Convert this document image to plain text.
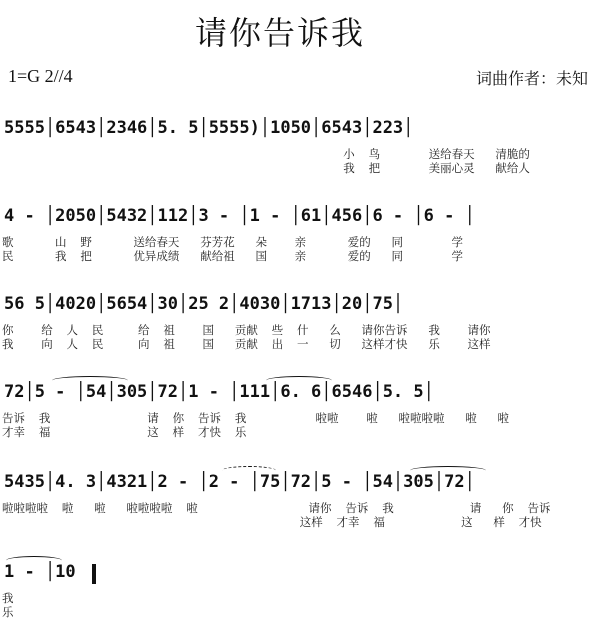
请你告诉我
1=G 2//4	词曲作者：未知
5555│6543│2346│5. 5│5555)│1050│6543│223│
小  鸟       送给春天   清脆的
我  把       美丽心灵   献给人
4 - │2050│5432│112│3 - │1 - │61│456│6 - │6 - │
歌      山  野      送给春天   芬芳花   朵    亲      爱的   同       学
民      我  把      优异成绩   献给祖   国    亲      爱的   同       学
56 5│4020│5654│30│25 2│4030│1713│20│75│
你    给  人  民     给  祖    国   贡献  些  什   么   请你告诉   我    请你
我    向  人  民     向  祖    国   贡献  出  一   切   这样才快   乐    这样
72│5 - │54│305│72│1 - │111│6. 6│6546│5. 5│
告诉  我              请  你  告诉  我          啦啦    啦   啦啦啦啦   啦   啦
才幸  福              这  样  才快  乐
5435│4. 3│4321│2 - │2 - │75│72│5 - │54│305│72│
啦啦啦啦  啦   啦   啦啦啦啦  啦                请你  告诉  我           请   你  告诉
这样  才幸  福           这   样  才快
1 - │10
我
乐
